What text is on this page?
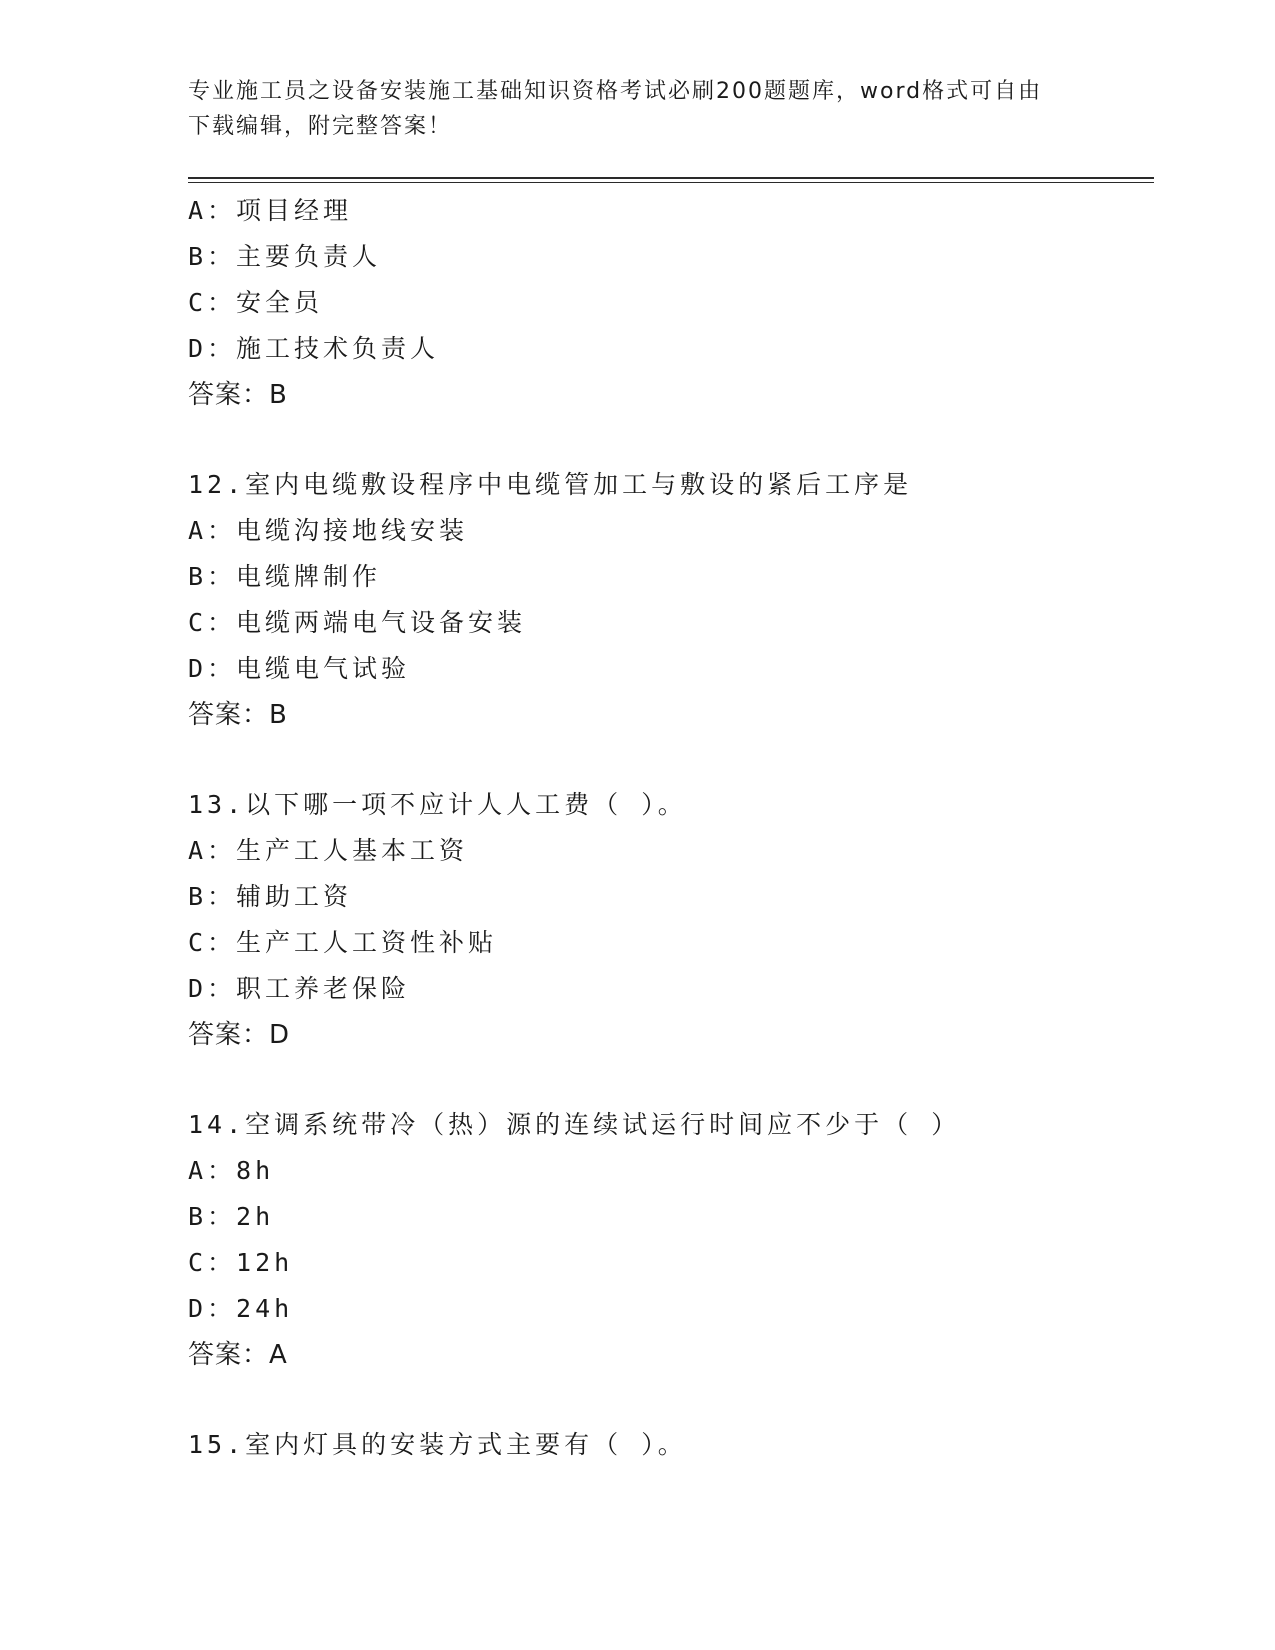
专业施工员之设备安装施工基础知识资格考试必刷200题题库，word格式可自由
下载编辑，附完整答案！
A：项目经理
B：主要负责人
C：安全员
D：施工技术负责人
答案：B
12.室内电缆敷设程序中电缆管加工与敷设的紧后工序是
A：电缆沟接地线安装
B：电缆牌制作
C：电缆两端电气设备安装
D：电缆电气试验
答案：B
13.以下哪一项不应计人人工费（ ）。
A：生产工人基本工资
B：辅助工资
C：生产工人工资性补贴
D：职工养老保险
答案：D
14.空调系统带冷（热）源的连续试运行时间应不少于（ ）
A：8h
B：2h
C：12h
D：24h
答案：A
15.室内灯具的安装方式主要有（ ）。
